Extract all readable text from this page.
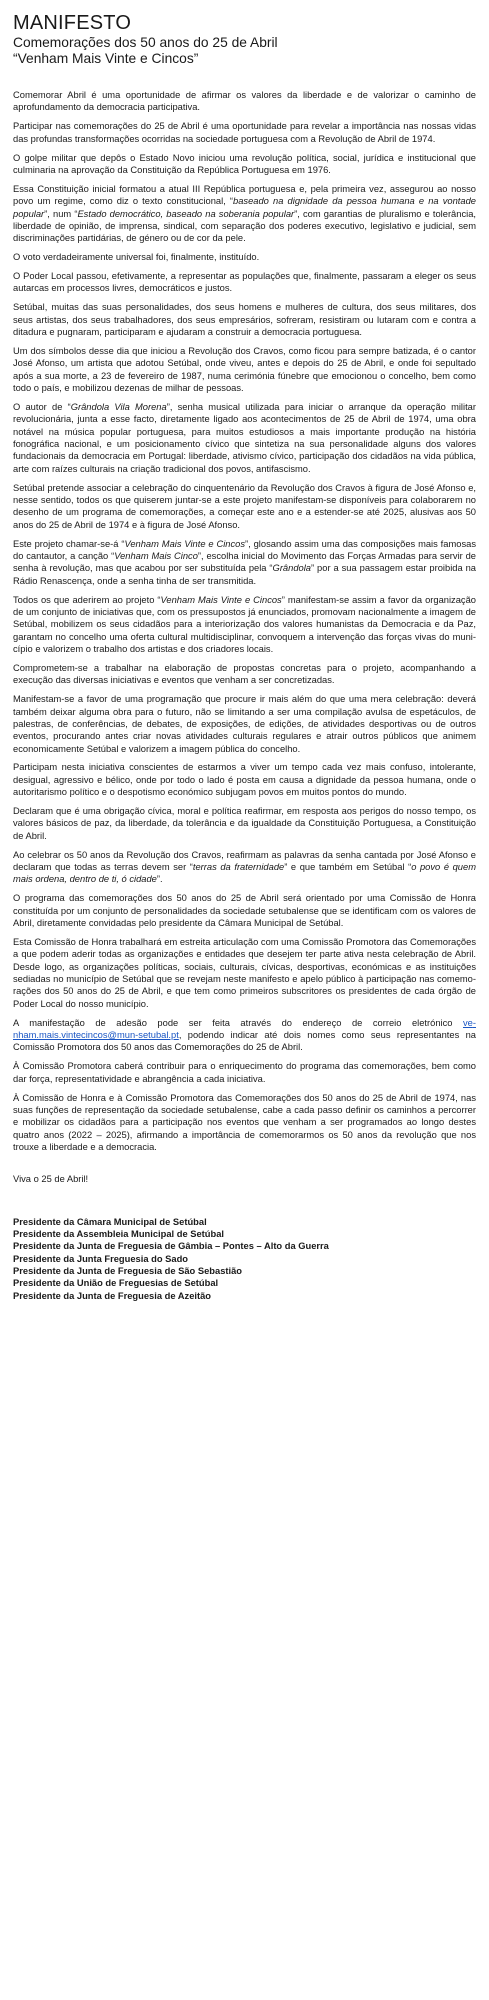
MANIFESTO
Comemorações dos 50 anos do 25 de Abril
“Venham Mais Vinte e Cincos”

Comemorar Abril é uma oportunidade de afirmar os valores da liberdade e de valorizar o caminho de aprofundamento da democracia participativa.

Participar nas comemorações do 25 de Abril é uma oportunidade para revelar a importância nas nossas vidas das profundas transformações ocorridas na sociedade portuguesa com a Revolução de Abril de 1974.

O golpe militar que depôs o Estado Novo iniciou uma revolução política, social, jurídica e institucional que culminaria na aprovação da Constituição da República Portuguesa em 1976.

Essa Constituição inicial formatou a atual III República portuguesa e, pela primeira vez, assegurou ao nosso povo um regime, como diz o texto constitucional, “baseado na dignidade da pessoa humana e na vontade popular”, num “Estado democrático, baseado na soberania popular”, com garantias de pluralismo e tolerância, liberdade de opinião, de imprensa, sindical, com separação dos poderes executivo, legislativo e judicial, sem discriminações partidárias, de género ou de cor da pele.

O voto verdadeiramente universal foi, finalmente, instituído.

O Poder Local passou, efetivamente, a representar as populações que, finalmente, passaram a eleger os seus autarcas em processos livres, democráticos e justos.

Setúbal, muitas das suas personalidades, dos seus homens e mulheres de cultura, dos seus militares, dos seus artistas, dos seus trabalhadores, dos seus empresários, sofreram, resistiram ou lutaram com e contra a ditadura e pugnaram, participaram e ajudaram a construir a democracia portuguesa.

Um dos símbolos desse dia que iniciou a Revolução dos Cravos, como ficou para sempre batizada, é o cantor José Afonso, um artista que adotou Setúbal, onde viveu, antes e depois do 25 de Abril, e onde foi sepultado após a sua morte, a 23 de fevereiro de 1987, numa cerimónia fúnebre que emocionou o concelho, bem como todo o país, e mobilizou dezenas de milhar de pessoas.

O autor de “Grândola Vila Morena”, senha musical utilizada para iniciar o arranque da operação militar revolucionária, junta a esse facto, diretamente ligado aos acontecimentos de 25 de Abril de 1974, uma obra notável na música popular portuguesa, para muitos estudiosos a mais importante produção na história fonográfica nacional, e um posicionamento cívico que sintetiza na sua personalidade alguns dos valores fundacionais da democracia em Portugal: liberdade, ativismo cívico, participação dos cidadãos na vida pública, arte com raízes culturais na criação tradicional dos povos, antifascismo.

Setúbal pretende associar a celebração do cinquentenário da Revolução dos Cravos à figura de José Afonso e, nesse sentido, todos os que quiserem juntar-se a este projeto manifestam-se disponíveis para colaborarem no desenho de um programa de comemorações, a começar este ano e a estender-se até 2025, alusivas aos 50 anos do 25 de Abril de 1974 e à figura de José Afonso.

Este projeto chamar-se-á “Venham Mais Vinte e Cincos”, glosando assim uma das composições mais famosas do cantautor, a canção “Venham Mais Cinco”, escolha inicial do Movimento das Forças Armadas para servir de senha à revolução, mas que acabou por ser substituída pela “Grândola” por a sua passagem estar proibida na Rádio Renascença, onde a senha tinha de ser transmitida.

Todos os que aderirem ao projeto “Venham Mais Vinte e Cincos” manifestam-se assim a favor da organização de um conjunto de iniciativas que, com os pressupostos já enunciados, promovam nacionalmente a imagem de Setúbal, mobilizem os seus cidadãos para a interiorização dos valores humanistas da Democracia e da Paz, garantam no concelho uma oferta cultural multidisciplinar, convoquem a intervenção das forças vivas do município e valorizem o trabalho dos artistas e dos criadores locais.

Comprometem-se a trabalhar na elaboração de propostas concretas para o projeto, acompanhando a execução das diversas iniciativas e eventos que venham a ser concretizadas.

Manifestam-se a favor de uma programação que procure ir mais além do que uma mera celebração: deverá também deixar alguma obra para o futuro, não se limitando a ser uma compilação avulsa de espetáculos, de palestras, de conferências, de debates, de exposições, de edições, de atividades desportivas ou de outros eventos, procurando antes criar novas atividades culturais regulares e atrair outros públicos que animem economicamente Setúbal e valorizem a imagem pública do concelho.

Participam nesta iniciativa conscientes de estarmos a viver um tempo cada vez mais confuso, intolerante, desigual, agressivo e bélico, onde por todo o lado é posta em causa a dignidade da pessoa humana, onde o autoritarismo político e o despotismo económico subjugam povos em muitos pontos do mundo.

Declaram que é uma obrigação cívica, moral e política reafirmar, em resposta aos perigos do nosso tempo, os valores básicos de paz, da liberdade, da tolerância e da igualdade da Constituição Portuguesa, a Constituição de Abril.

Ao celebrar os 50 anos da Revolução dos Cravos, reafirmam as palavras da senha cantada por José Afonso e declaram que todas as terras devem ser “terras da fraternidade” e que também em Setúbal “o povo é quem mais ordena, dentro de ti, ó cidade”.

O programa das comemorações dos 50 anos do 25 de Abril será orientado por uma Comissão de Honra constituída por um conjunto de personalidades da sociedade setubalense que se identificam com os valores de Abril, diretamente convidadas pelo presidente da Câmara Municipal de Setúbal.

Esta Comissão de Honra trabalhará em estreita articulação com uma Comissão Promotora das Comemorações a que podem aderir todas as organizações e entidades que desejem ter parte ativa nesta celebração de Abril. Desde logo, as organizações políticas, sociais, culturais, cívicas, desportivas, económicas e as instituições sediadas no município de Setúbal que se revejam neste manifesto e apelo público à participação nas comemorações dos 50 anos do 25 de Abril, e que tem como primeiros subscritores os presidentes de cada órgão de Poder Local do nosso município.

A manifestação de adesão pode ser feita através do endereço de correio eletrónico venham.mais.vintecincos@mun-setubal.pt, podendo indicar até dois nomes como seus representantes na Comissão Promotora dos 50 anos das Comemorações do 25 de Abril.

À Comissão Promotora caberá contribuir para o enriquecimento do programa das comemorações, bem como dar força, representatividade e abrangência a cada iniciativa.

À Comissão de Honra e à Comissão Promotora das Comemorações dos 50 anos do 25 de Abril de 1974, nas suas funções de representação da sociedade setubalense, cabe a cada passo definir os caminhos a percorrer e mobilizar os cidadãos para a participação nos eventos que venham a ser programados ao longo destes quatro anos (2022 – 2025), afirmando a importância de comemorarmos os 50 anos da revolução que nos trouxe a liberdade e a democracia.

Viva o 25 de Abril!

Presidente da Câmara Municipal de Setúbal

Presidente da Assembleia Municipal de Setúbal

Presidente da Junta de Freguesia de Gâmbia – Pontes – Alto da Guerra

Presidente da Junta Freguesia do Sado

Presidente da Junta de Freguesia de São Sebastião

Presidente da União de Freguesias de Setúbal

Presidente da Junta de Freguesia de Azeitão
